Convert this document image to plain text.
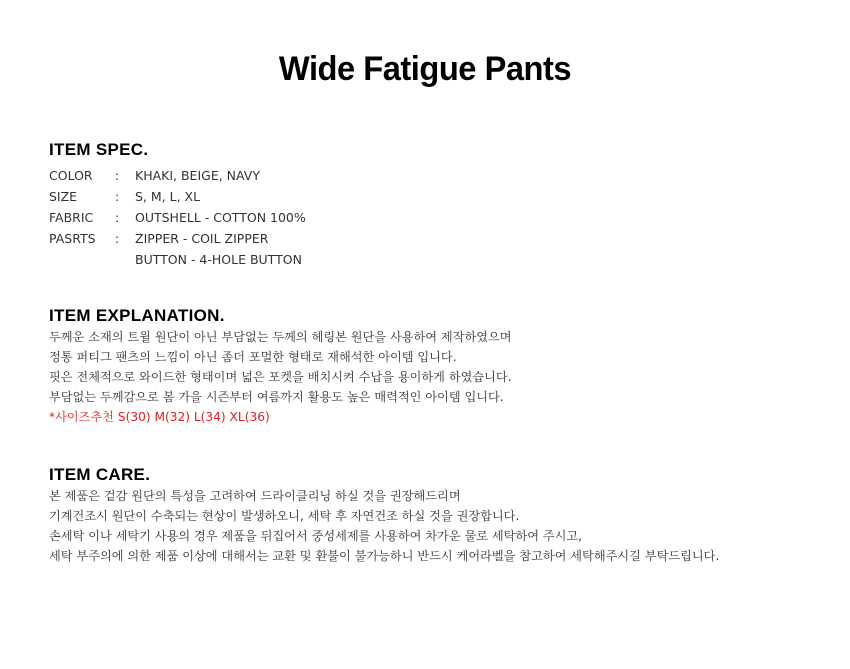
Wide Fatigue Pants
ITEM SPEC.
COLOR	:	KHAKI, BEIGE, NAVY
SIZE	:	S, M, L, XL
FABRIC	:	OUTSHELL - COTTON 100%
PASRTS	:	ZIPPER - COIL ZIPPER
BUTTON - 4-HOLE BUTTON
ITEM EXPLANATION.
두께운 소재의 트윌 원단이 아닌 부담없는 두께의 헤링본 원단을 사용하여 제작하였으며
정통 퍼티그 팬츠의 느낌이 아닌 좀더 포멀한 형태로 재해석한 아이템 입니다.
핏은 전체적으로 와이드한 형태이며 넓은 포켓을 배치시켜 수납을 용이하게 하였습니다.
부담없는 두께감으로 봄 가을 시즌부터 여름까지 활용도 높은 매력적인 아이템 입니다.
*사이즈추천 S(30) M(32) L(34) XL(36)
ITEM CARE.
본 제품은 겉감 원단의 특성을 고려하여 드라이클리닝 하실 것을 권장해드리며
기계건조시 원단이 수축되는 현상이 발생하오니, 세탁 후 자연건조 하실 것을 권장합니다.
손세탁 이나 세탁기 사용의 경우 제품을 뒤집어서 중성세제를 사용하여 차가운 물로 세탁하여 주시고,
세탁 부주의에 의한 제품 이상에 대해서는 교환 및 환불이 불가능하니 반드시 케어라벨을 참고하여 세탁해주시길 부탁드립니다.
